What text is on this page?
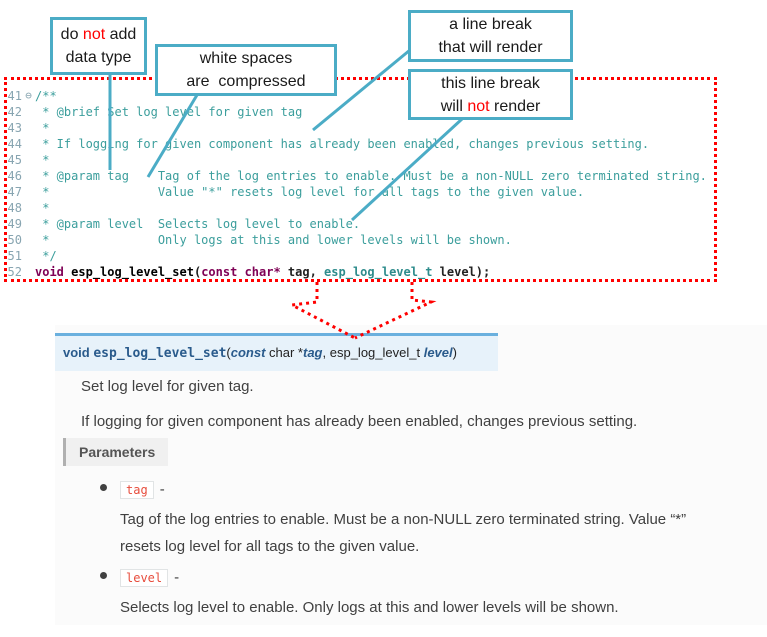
41 ⊖ /**
42 * @brief Set log level for given tag
43 *
44 * If logging for given component has already been enabled, changes previous setting.
45 *
46 * @param tag    Tag of the log entries to enable. Must be a non-NULL zero terminated string.
47 *               Value "*" resets log level for all tags to the given value.
48 *
49 * @param level  Selects log level to enable.
50 *               Only logs at this and lower levels will be shown.
51 */
52 void esp_log_level_set(const char* tag, esp_log_level_t level);
void esp_log_level_set(const char *tag, esp_log_level_t level)
Set log level for given tag.
If logging for given component has already been enabled, changes previous setting.
Parameters
tag -
Tag of the log entries to enable. Must be a non-NULL zero terminated string. Value “*” resets log level for all tags to the given value.
level -
Selects log level to enable. Only logs at this and lower levels will be shown.
do not add
data type	white spaces
are  compressed
a line break
that will render
this line break
will not render
